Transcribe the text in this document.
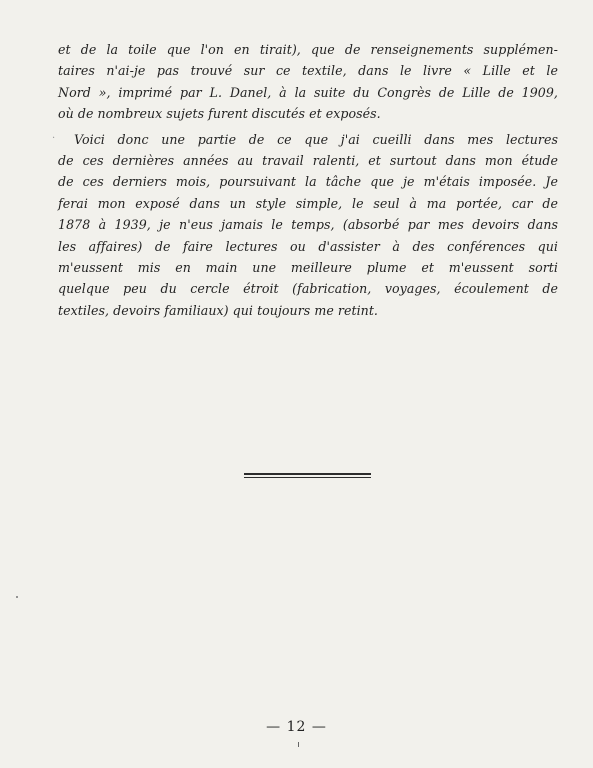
et de la toile que l'on en tirait), que de renseignements supplémen-
taires n'ai-je pas trouvé sur ce textile, dans le livre « Lille et le
Nord », imprimé par L. Danel, à la suite du Congrès de Lille de 1909,
où de nombreux sujets furent discutés et exposés.
· Voici donc une partie de ce que j'ai cueilli dans mes lectures
de ces dernières années au travail ralenti, et surtout dans mon étude
de ces derniers mois, poursuivant la tâche que je m'étais imposée. Je
ferai mon exposé dans un style simple, le seul à ma portée, car de
1878 à 1939, je n'eus jamais le temps, (absorbé par mes devoirs dans
les affaires) de faire lectures ou d'assister à des conférences qui
m'eussent mis en main une meilleure plume et m'eussent sorti
quelque peu du cercle étroit (fabrication, voyages, écoulement de
textiles, devoirs familiaux) qui toujours me retint.
— 12 —
